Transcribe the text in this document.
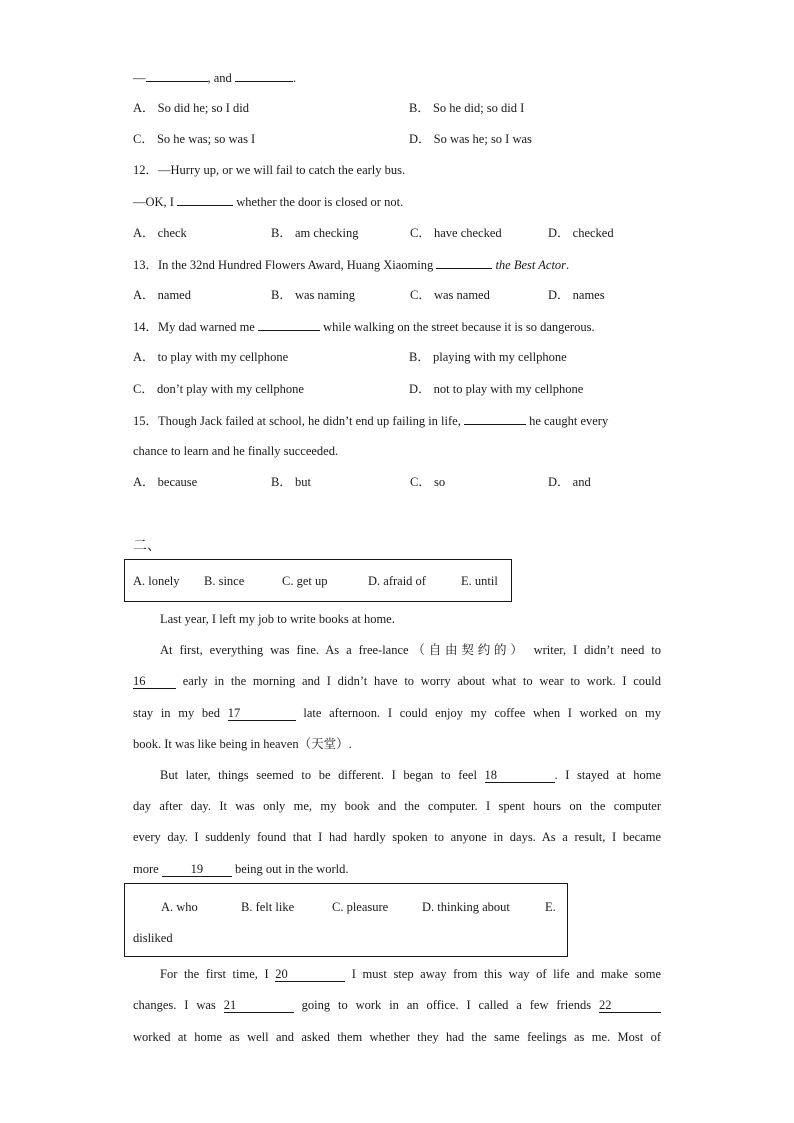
—	, and	.
A． So did he; so I did	B． So he did; so did I
C． So he was; so was I	D． So was he; so I was
12．—Hurry up, or we will fail to catch the early bus.
—OK, I	whether the door is closed or not.
A． check	B． am checking	C． have checked	D． checked
13．In the 32nd Hundred Flowers Award, Huang Xiaoming	the Best Actor.
A． named	B． was naming	C． was named	D． names
14．My dad warned me	while walking on the street because it is so dangerous.
A． to play with my cellphone	B． playing with my cellphone
C． don’t play with my cellphone	D． not to play with my cellphone
15．Though Jack failed at school, he didn’t end up failing in life,	he caught every
chance to learn and he finally succeeded.
A． because	B． but	C． so	D． and
二、
A. lonely B. since	C. get up	D. afraid of	E. until
Last year, I left my job to write books at home.
At first, everything was fine. As a free-lance（自由契约的） writer, I didn’t need to
16 early in the morning and I didn’t have to worry about what to wear to work. I could
stay in my bed 17	late afternoon. I could enjoy my coffee when I worked on my
book. It was like being in heaven（天堂）.
But later, things seemed to be different. I began to feel 18	. I stayed at home
day after day. It was only me, my book and the computer. I spent hours on the computer
every day. I suddenly found that I had hardly spoken to anyone in days. As a result, I became
more 19 being out in the world.
A. who	B. felt like	C. pleasure	D. thinking about	E.
disliked
For the first time, I 20	I must step away from this way of life and make some
changes. I was 21	going to work in an office. I called a few friends 22
worked at home as well and asked them whether they had the same feelings as me. Most of
